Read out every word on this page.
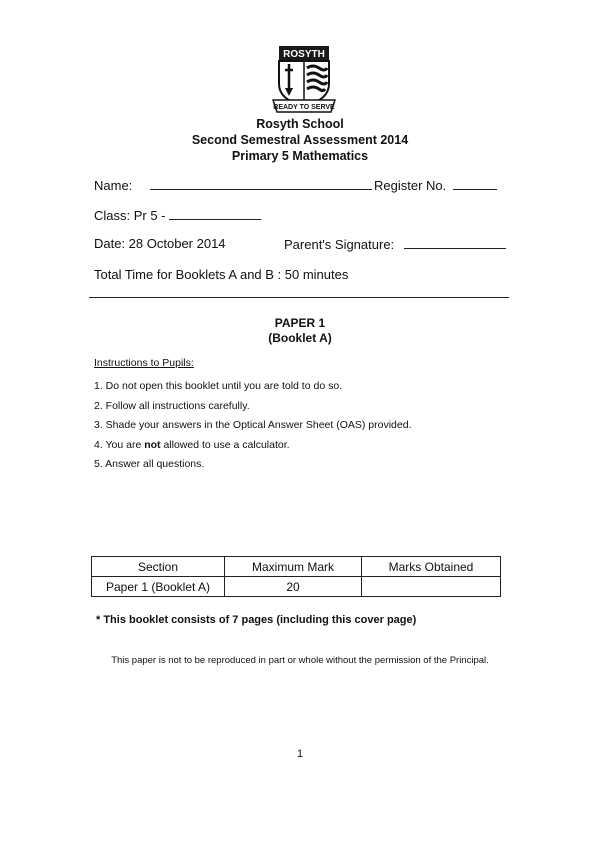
ROSYTH
READY TO SERVE
Rosyth School
Second Semestral Assessment 2014
Primary 5 Mathematics
Name:	Register No.
Class: Pr 5 -
Date: 28 October 2014	Parent's Signature:
Total Time for Booklets A and B : 50 minutes
PAPER 1
(Booklet A)
Instructions to Pupils:
1. Do not open this booklet until you are told to do so.
2. Follow all instructions carefully.
3. Shade your answers in the Optical Answer Sheet (OAS) provided.
4. You are not allowed to use a calculator.
5. Answer all questions.
Section	Maximum Mark	Marks Obtained
Paper 1 (Booklet A)	20	
* This booklet consists of 7 pages (including this cover page)
This paper is not to be reproduced in part or whole without the permission of the Principal.
1
